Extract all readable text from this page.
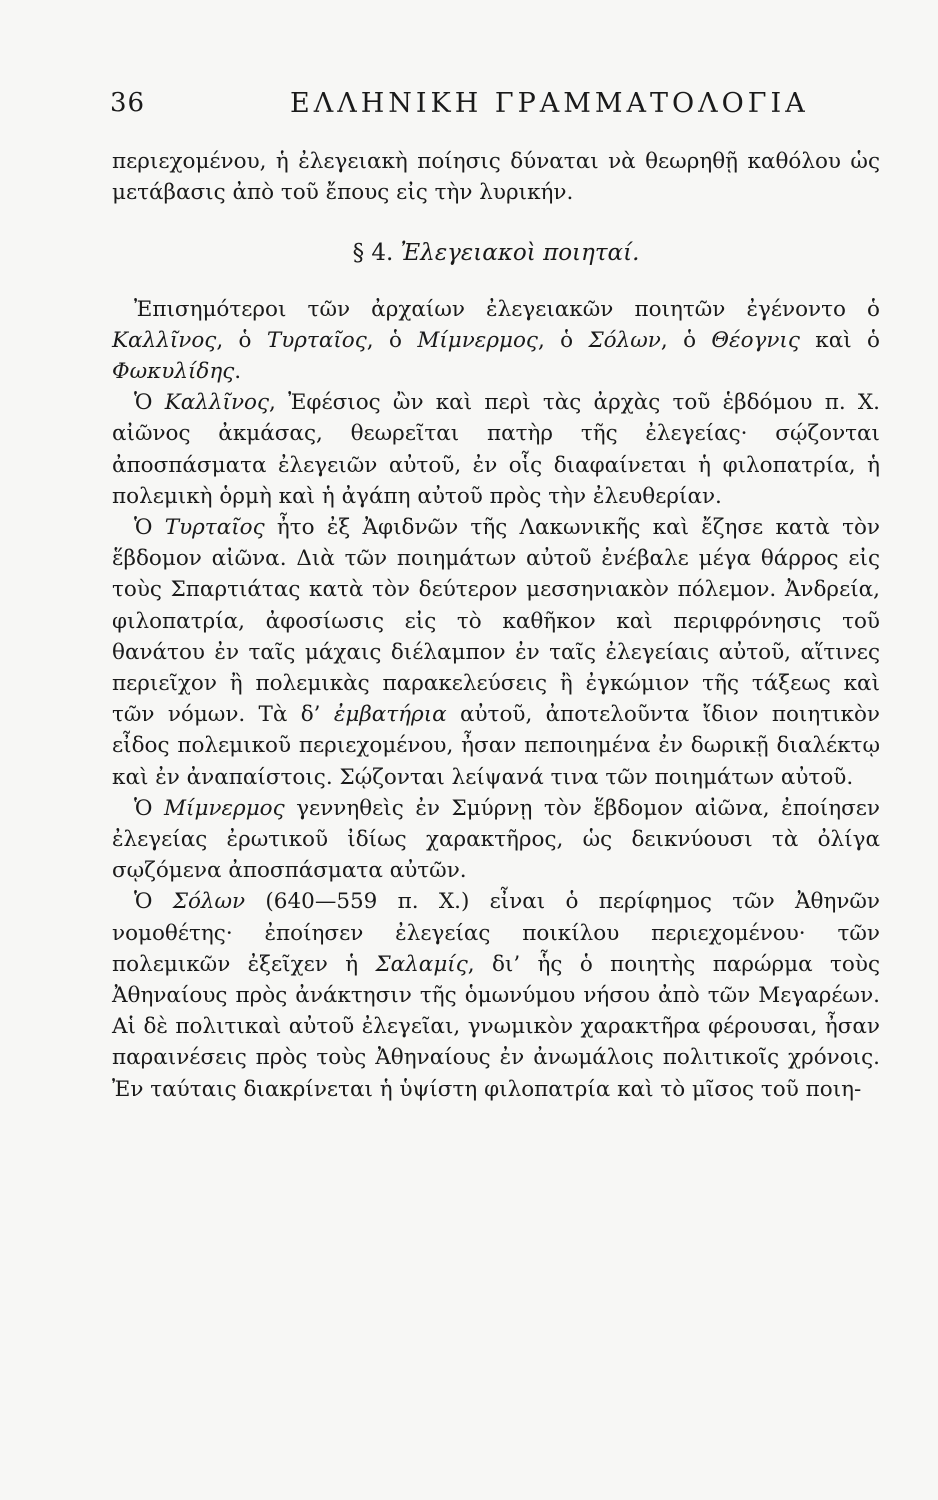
36	ΕΛΛΗΝΙΚΗ ΓΡΑΜΜΑΤΟΛΟΓΙΑ

περιεχομένου, ἡ ἐλεγειακὴ ποίησις δύναται νὰ θεωρηθῇ καθόλου ὡς μετάβασις ἀπὸ τοῦ ἔπους εἰς τὴν λυρικήν.

§ 4. Ἐλεγειακοὶ ποιηταί.

Ἐπισημότεροι τῶν ἀρχαίων ἐλεγειακῶν ποιητῶν ἐγένοντο ὁ Καλλῖνος, ὁ Τυρταῖος, ὁ Μίμνερμος, ὁ Σόλων, ὁ Θέογνις καὶ ὁ Φωκυλίδης.

Ὁ Καλλῖνος, Ἐφέσιος ὢν καὶ περὶ τὰς ἀρχὰς τοῦ ἑβδόμου π. Χ. αἰῶνος ἀκμάσας, θεωρεῖται πατὴρ τῆς ἐλεγείας· σῴζονται ἀποσπάσματα ἐλεγειῶν αὐτοῦ, ἐν οἷς διαφαίνεται ἡ φιλοπατρία, ἡ πολεμικὴ ὁρμὴ καὶ ἡ ἀγάπη αὐτοῦ πρὸς τὴν ἐλευθερίαν.

Ὁ Τυρταῖος ἦτο ἐξ Ἀφιδνῶν τῆς Λακωνικῆς καὶ ἔζησε κατὰ τὸν ἕβδομον αἰῶνα. Διὰ τῶν ποιημάτων αὐτοῦ ἐνέβαλε μέγα θάρρος εἰς τοὺς Σπαρτιάτας κατὰ τὸν δεύτερον μεσσηνιακὸν πόλεμον. Ἀνδρεία, φιλοπατρία, ἀφοσίωσις εἰς τὸ καθῆκον καὶ περιφρόνησις τοῦ θανάτου ἐν ταῖς μάχαις διέλαμπον ἐν ταῖς ἐλεγείαις αὐτοῦ, αἵτινες περιεῖχον ἢ πολεμικὰς παρακελεύσεις ἢ ἐγκώμιον τῆς τάξεως καὶ τῶν νόμων. Τὰ δ’ ἐμβατήρια αὐτοῦ, ἀποτελοῦντα ἴδιον ποιητικὸν εἶδος πολεμικοῦ περιεχομένου, ἦσαν πεποιημένα ἐν δωρικῇ διαλέκτῳ καὶ ἐν ἀναπαίστοις. Σῴζονται λείψανά τινα τῶν ποιημάτων αὐτοῦ.

Ὁ Μίμνερμος γεννηθεὶς ἐν Σμύρνῃ τὸν ἕβδομον αἰῶνα, ἐποίησεν ἐλεγείας ἐρωτικοῦ ἰδίως χαρακτῆρος, ὡς δεικνύουσι τὰ ὀλίγα σῳζόμενα ἀποσπάσματα αὐτῶν.

Ὁ Σόλων (640—559 π. Χ.) εἶναι ὁ περίφημος τῶν Ἀθηνῶν νομοθέτης· ἐποίησεν ἐλεγείας ποικίλου περιεχομένου· τῶν πολεμικῶν ἐξεῖχεν ἡ Σαλαμίς, δι’ ἧς ὁ ποιητὴς παρώρμα τοὺς Ἀθηναίους πρὸς ἀνάκτησιν τῆς ὁμωνύμου νήσου ἀπὸ τῶν Μεγαρέων. Αἱ δὲ πολιτικαὶ αὐτοῦ ἐλεγεῖαι, γνωμικὸν χαρακτῆρα φέρουσαι, ἦσαν παραινέσεις πρὸς τοὺς Ἀθηναίους ἐν ἀνωμάλοις πολιτικοῖς χρόνοις. Ἐν ταύταις διακρίνεται ἡ ὑψίστη φιλοπατρία καὶ τὸ μῖσος τοῦ ποιη-
